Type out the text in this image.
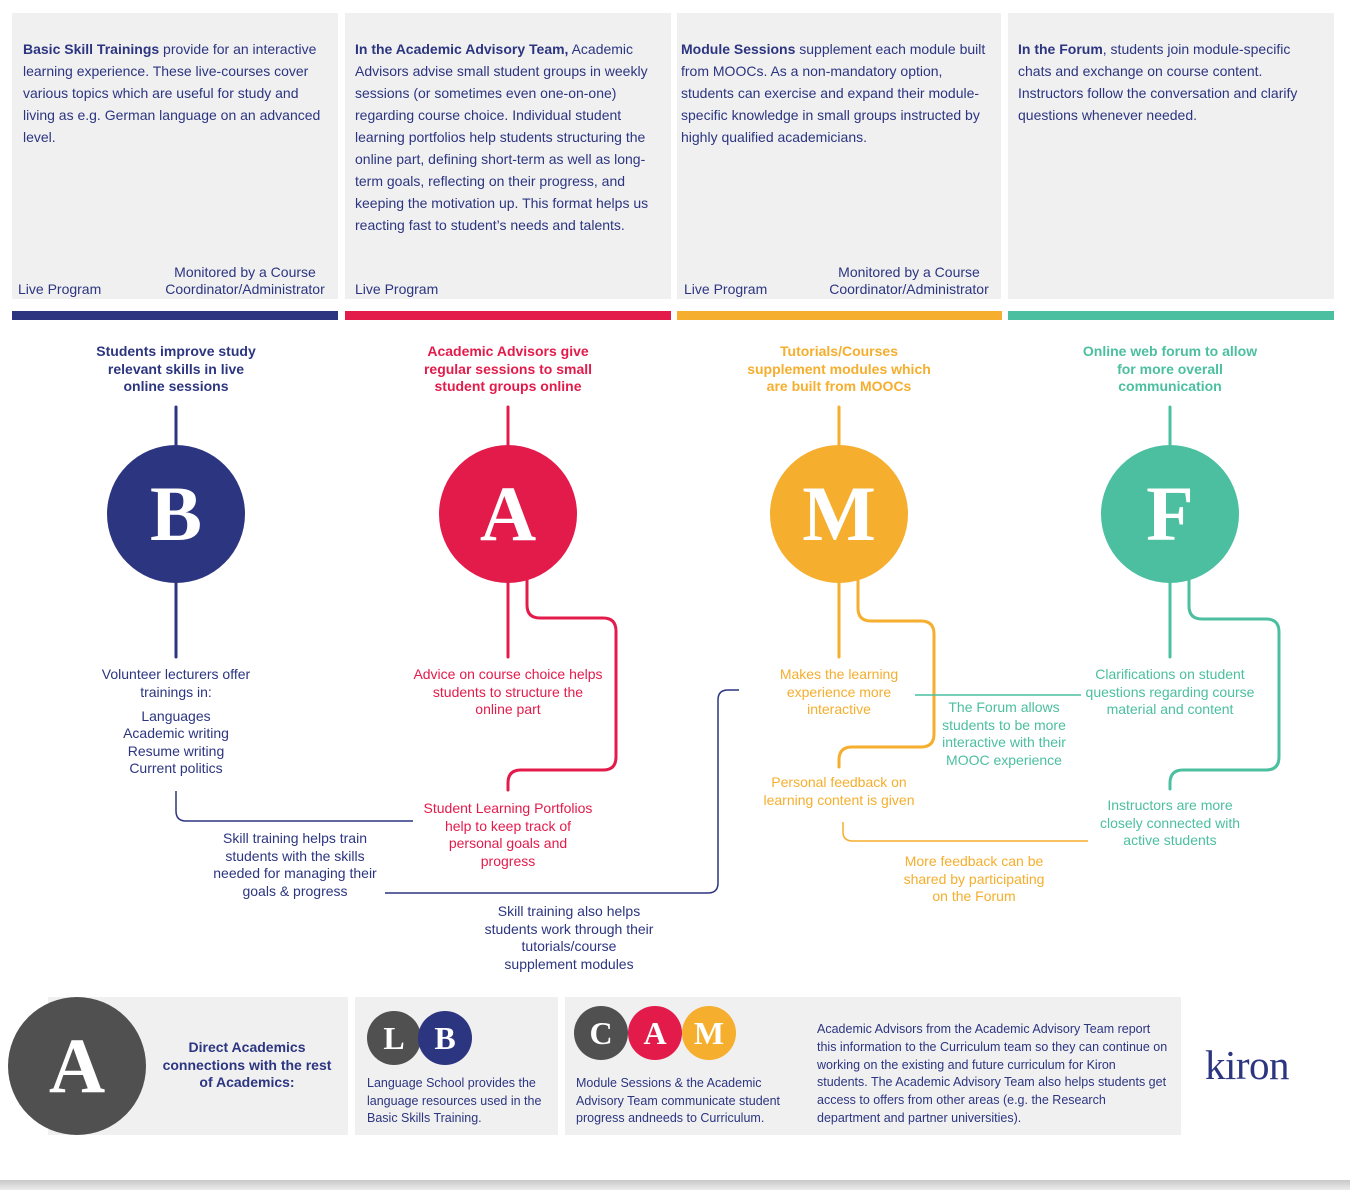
Basic Skill Trainings provide for an interactive learning experience. These live-courses cover various topics which are useful for study and living as e.g. German language on an advanced level.
In the Academic Advisory Team, Academic Advisors advise small student groups in weekly sessions (or sometimes even one-on-one) regarding course choice. Individual student learning portfolios help students structuring the online part, defining short-term as well as long-term goals, reflecting on their progress, and keeping the motivation up. This format helps us reacting fast to student’s needs and talents.
Module Sessions supplement each module built from MOOCs. As a non-mandatory option, students can exercise and expand their module-specific knowledge in small groups instructed by highly qualified academicians.
In the Forum, students join module-specific chats and exchange on course content. Instructors follow the conversation and clarify questions whenever needed.
Live Program
Monitored by a Course Coordinator/Administrator	Live Program	Live Program
Monitored by a Course Coordinator/Administrator
Students improve study relevant skills in live online sessions
Academic Advisors give regular sessions to small student groups online
Tutorials/Courses supplement modules which are built from MOOCs
Online web forum to allow for more overall communication
B	A	M	F
Volunteer lecturers offer trainings in:
Languages
Academic writing
Resume writing
Current politics
Advice on course choice helps students to structure the online part
Student Learning Portfolios help to keep track of personal goals and progress
Makes the learning experience more interactive
Personal feedback on learning content is given
Clarifications on student questions regarding course material and content
Instructors are more closely connected with active students
Skill training helps train students with the skills needed for managing their goals & progress
Skill training also helps students work through their tutorials/course supplement modules
The Forum allows students to be more interactive with their MOOC experience
More feedback can be shared by participating on the Forum
A	Direct Academics connections with the rest of Academics:
L B
Language School provides the language resources used in the Basic Skills Training.
C A M
Module Sessions & the Academic Advisory Team communicate student progress andneeds to Curriculum.
Academic Advisors from the Academic Advisory Team report this information to the Curriculum team so they can continue on working on the existing and future curriculum for Kiron students. The Academic Advisory Team also helps students get access to offers from other areas (e.g. the Research department and partner universities).
kiron
